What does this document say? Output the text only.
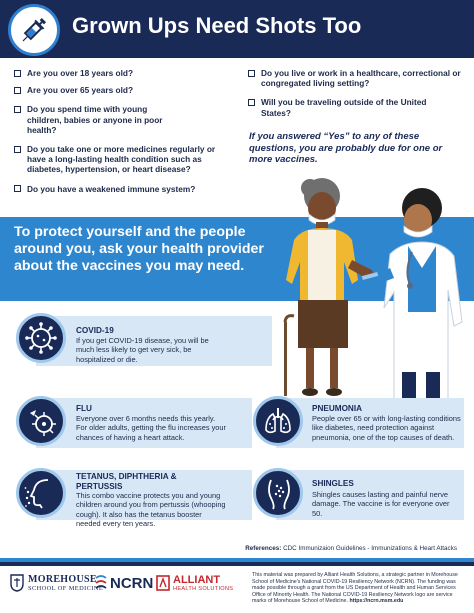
Grown Ups Need Shots Too
Are you over 18 years old?
Are you over 65 years old?
Do you spend time with young children, babies or anyone in poor health?
Do you take one or more medicines regularly or have a long-lasting health condition such as diabetes, hypertension, or heart disease?
Do you have a weakened immune system?
Do you live or work in a healthcare, correctional or congregated living setting?
Will you be traveling outside of the United States?
If you answered “Yes” to any of these questions, you are probably due for one or more vaccines.
To protect yourself and the people around you, ask your health provider about the vaccines you may need.
COVID-19
If you get COVID-19 disease, you will be much less likely to get very sick, be hospitalized or die.
FLU
Everyone over 6 months needs this yearly. For older adults, getting the flu increases your chances of having a heart attack.
PNEUMONIA
People over 65 or with long-lasting conditions like diabetes, need protection against pneumonia, one of the top causes of death.
TETANUS, DIPHTHERIA & PERTUSSIS
This combo vaccine protects you and young children around you from pertussis (whooping cough). It also has the tetanus booster needed every ten years.
SHINGLES
Shingles causes lasting and painful nerve damage. The vaccine is for everyone over 50.
References: CDC Immunizaion Guidelines - Immunizations & Heart Attacks
MOREHOUSE
SCHOOL OF MEDICINE NCRN ALLIANT
HEALTH SOLUTIONS
This material was prepared by Alliant Health Solutions, a strategic partner in Morehouse School of Medicine's National COVID-19 Resiliency Network (NCRN). The funding was made possible through a grant from the US Department of Health and Human Services Office of Minority Health. The National COVID-19 Resiliency Network logo are service marks of Morehouse School of Medicine. https://ncrn.msm.edu
